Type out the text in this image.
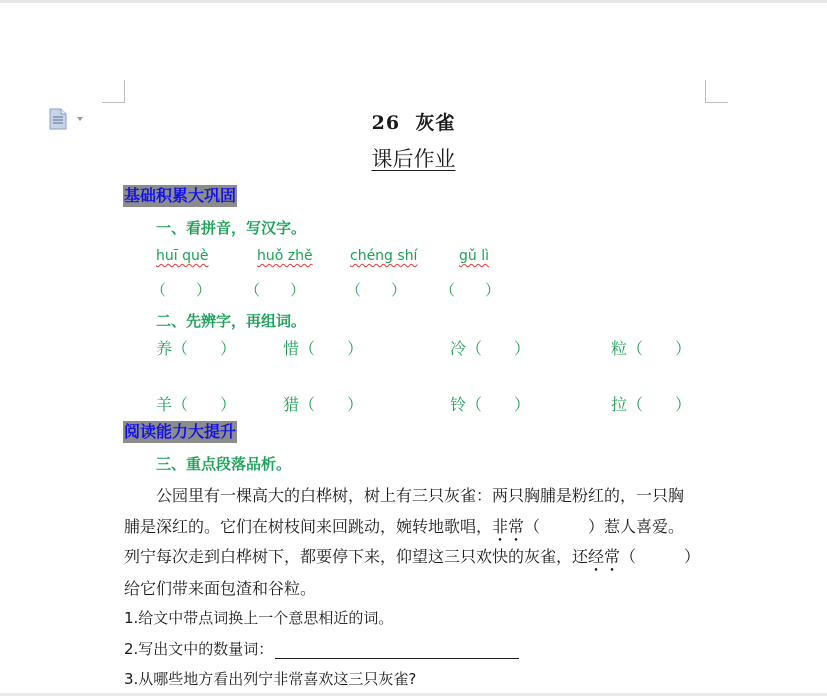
26  灰雀
课后作业
基础积累大巩固
一、看拼音，写汉字。
huī què	huǒ zhě	chéng shí	gǔ lì
（　　） （　　）	（　　） （　　）
二、先辨字，再组词。
养（　　）	惜（　　）	冷（　　）	粒（　　）
羊（　　）	猎（　　）	铃（　　）	拉（　　）
阅读能力大提升
三、重点段落品析。
　　公园里有一棵高大的白桦树，树上有三只灰雀：两只胸脯是粉红的，一只胸
脯是深红的。它们在树枝间来回跳动，婉转地歌唱，非常（　　　）惹人喜爱。
列宁每次走到白桦树下，都要停下来，仰望这三只欢快的灰雀，还经常（　　　）
给它们带来面包渣和谷粒。
1.给文中带点词换上一个意思相近的词。
2.写出文中的数量词：
3.从哪些地方看出列宁非常喜欢这三只灰雀?
